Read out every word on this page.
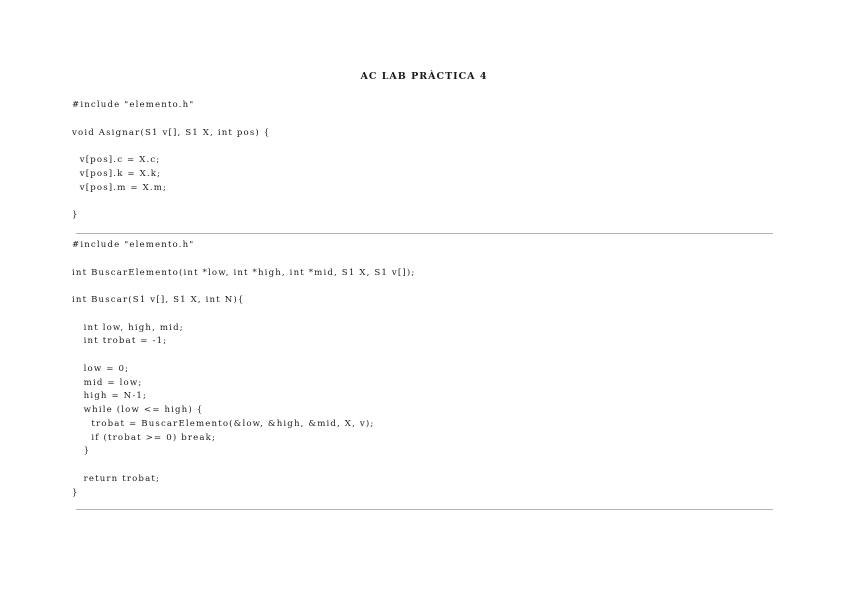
AC LAB PRÀCTICA 4
#include "elemento.h"
void Asignar(S1 v[], S1 X, int pos) {
v[pos].c = X.c;
v[pos].k = X.k;
v[pos].m = X.m;
}
#include "elemento.h"
int BuscarElemento(int *low, int *high, int *mid, S1 X, S1 v[]);
int Buscar(S1 v[], S1 X, int N){
int low, high, mid;
int trobat = -1;
low = 0;
mid = low;
high = N-1;
while (low <= high) {
trobat = BuscarElemento(&low, &high, &mid, X, v);
if (trobat >= 0) break;
}
return trobat;
}
